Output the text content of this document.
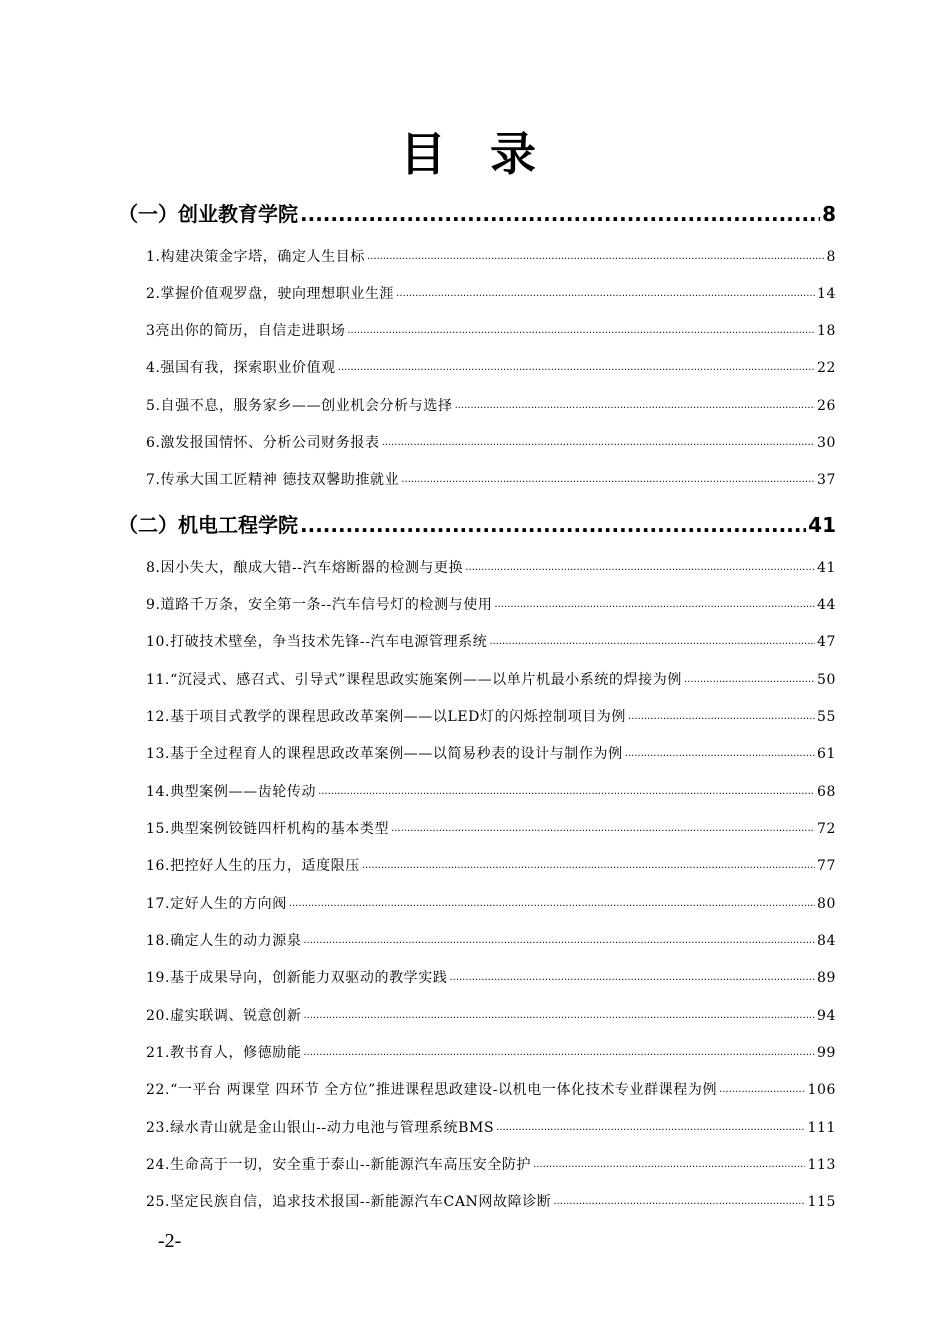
目 录
（一）创业教育学院 .....	8
1.构建决策金字塔，确定人生目标 .....	8
2.掌握价值观罗盘，驶向理想职业生涯 .....	14
3亮出你的简历，自信走进职场 .....	18
4.强国有我，探索职业价值观 .....	22
5.自强不息，服务家乡——创业机会分析与选择 .....	26
6.激发报国情怀、分析公司财务报表 .....	30
7.传承大国工匠精神 德技双馨助推就业 .....	37
（二）机电工程学院 .....	41
8.因小失大，酿成大错--汽车熔断器的检测与更换 .....	41
9.道路千万条，安全第一条--汽车信号灯的检测与使用 .....	44
10.打破技术壁垒，争当技术先锋--汽车电源管理系统 .....	47
11.“沉浸式、感召式、引导式”课程思政实施案例——以单片机最小系统的焊接为例 .....	50
12.基于项目式教学的课程思政改革案例——以LED灯的闪烁控制项目为例 .....	55
13.基于全过程育人的课程思政改革案例——以简易秒表的设计与制作为例 .....	61
14.典型案例——齿轮传动 .....	68
15.典型案例铰链四杆机构的基本类型 .....	72
16.把控好人生的压力，适度限压 .....	77
17.定好人生的方向阀 .....	80
18.确定人生的动力源泉 .....	84
19.基于成果导向，创新能力双驱动的教学实践 .....	89
20.虚实联调、锐意创新 .....	94
21.教书育人，修德励能 .....	99
22.“一平台 两课堂 四环节 全方位”推进课程思政建设-以机电一体化技术专业群课程为例 .....	106
23.绿水青山就是金山银山--动力电池与管理系统BMS .....	111
24.生命高于一切，安全重于泰山--新能源汽车高压安全防护 .....	113
25.坚定民族自信，追求技术报国--新能源汽车CAN网故障诊断 .....	115
-2-
